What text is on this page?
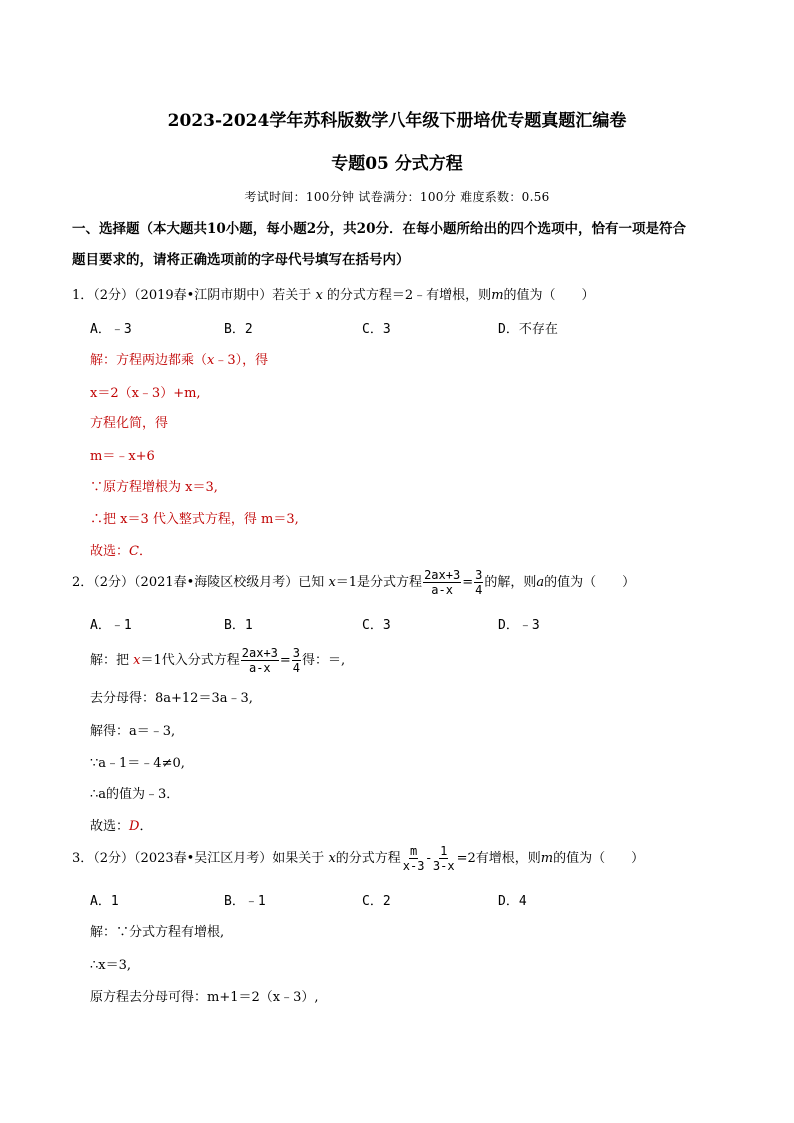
2023-2024学年苏科版数学八年级下册培优专题真题汇编卷
专题05 分式方程
考试时间：100分钟 试卷满分：100分 难度系数：0.56
一、选择题（本大题共10小题，每小题2分，共20分．在每小题所给出的四个选项中，恰有一项是符合
题目要求的，请将正确选项前的字母代号填写在括号内）
1．（2分）（2019春•江阴市期中）若关于 x 的分式方程＝2﹣有增根，则m的值为（　　）
A．﹣3	B．2	C．3	D．不存在
解：方程两边都乘（x﹣3），得
x＝2（x﹣3）+m,
方程化简，得
m＝﹣x+6
∵原方程增根为 x＝3,
∴把 x＝3 代入整式方程，得 m＝3,
故选：C．
2．（2分）（2021春•海陵区校级月考）已知 x＝1是分式方程 $\frac{2ax+3}{a-x} = \frac{3}{4}$ 的解，则a的值为（　　）
A．﹣1	B．1	C．3	D．﹣3
解：把 x＝1代入分式方程 $\frac{2ax+3}{a-x} = \frac{3}{4}$ 得：＝,
去分母得：8a+12＝3a﹣3,
解得：a＝﹣3,
∵a﹣1＝﹣4≠0,
∴a的值为﹣3．
故选：D．
3．（2分）（2023春•吴江区月考）如果关于 x的分式方程 $\frac{m}{x-3} - \frac{1}{3-x} =2$有增根，则m的值为（　　）
A．1	B．﹣1	C．2	D．4
解：∵分式方程有增根,
∴x＝3,
原方程去分母可得：m+1＝2（x﹣3）,
